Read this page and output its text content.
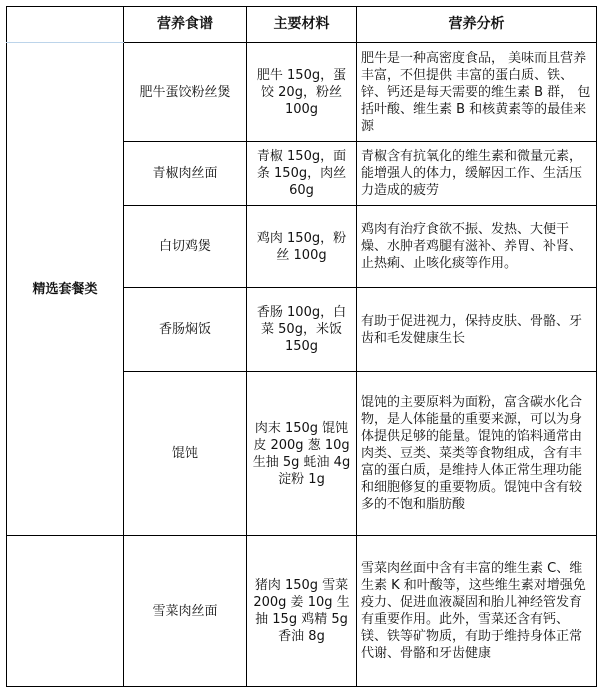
	营养食谱	主要材料	营养分析
精选套餐类	肥牛蛋饺粉丝煲	肥牛 150g，蛋饺 20g，粉丝 100g	肥牛是一种高密度食品， 美味而且营养丰富，不但提供 丰富的蛋白质、铁、锌、钙还是每天需要的维生素 B 群， 包括叶酸、维生素 B 和核黄素等的最佳来源
	青椒肉丝面	青椒 150g，面条 150g，肉丝 60g	青椒含有抗氧化的维生素和微量元素，能增强人的体力，缓解因工作、生活压力造成的疲劳
	白切鸡煲	鸡肉 150g，粉丝 100g	鸡肉有治疗食欲不振、发热、大便干燥、水肿者鸡腿有滋补、养胃、补肾、止热痢、止咳化痰等作用。
	香肠焖饭	香肠 100g，白菜 50g，米饭 150g	有助于促进视力，保持皮肤、骨骼、牙齿和毛发健康生长
	馄饨	肉末 150g 馄饨皮 200g 葱 10g 生抽 5g 蚝油 4g 淀粉 1g	馄饨的主要原料为面粉，富含碳水化合物，是人体能量的重要来源，可以为身体提供足够的能量。馄饨的馅料通常由肉类、豆类、菜类等食物组成，含有丰富的蛋白质，是维持人体正常生理功能和细胞修复的重要物质。馄饨中含有较多的不饱和脂肪酸
	雪菜肉丝面	猪肉 150g 雪菜 200g 姜 10g 生抽 15g 鸡精 5g 香油 8g	雪菜肉丝面中含有丰富的维生素 C、维生素 K 和叶酸等，这些维生素对增强免疫力、促进血液凝固和胎儿神经管发育有重要作用。此外，雪菜还含有钙、镁、铁等矿物质，有助于维持身体正常代谢、骨骼和牙齿健康
